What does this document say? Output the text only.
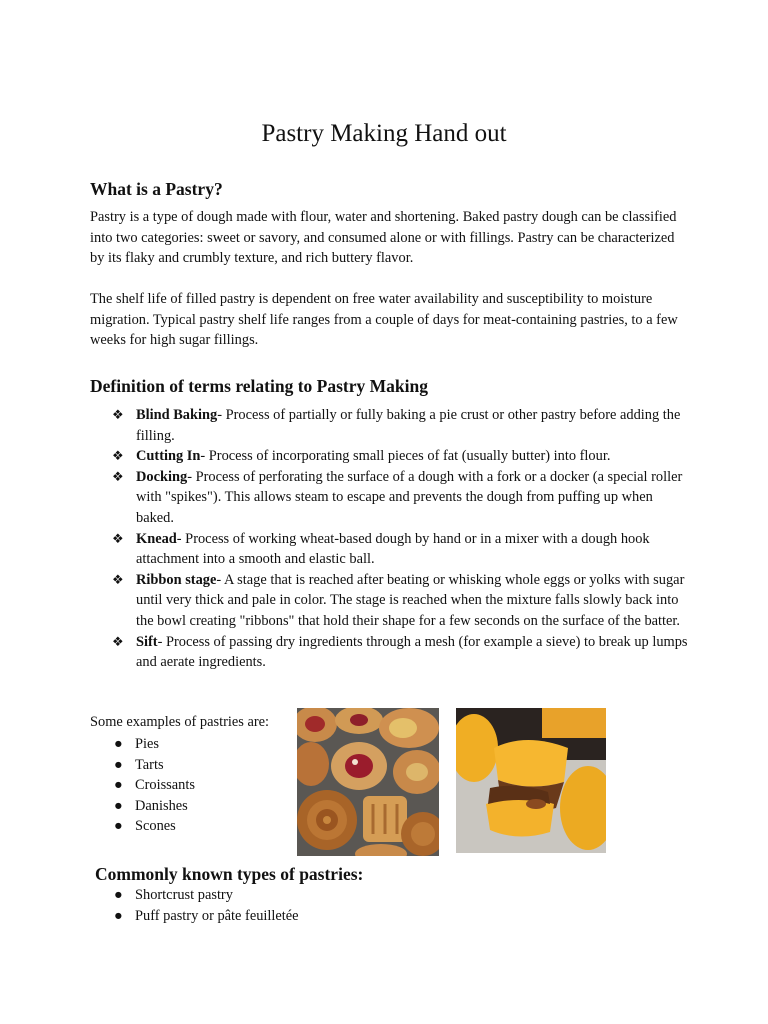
Pastry Making Hand out
What is a Pastry?

Pastry is a type of dough made with flour, water and shortening. Baked pastry dough can be classified into two categories: sweet or savory, and consumed alone or with fillings. Pastry can be characterized by its flaky and crumbly texture, and rich buttery flavor.

The shelf life of filled pastry is dependent on free water availability and susceptibility to moisture migration. Typical pastry shelf life ranges from a couple of days for meat-containing pastries, to a few weeks for high sugar fillings.

Definition of terms relating to Pastry Making
❖ Blind Baking- Process of partially or fully baking a pie crust or other pastry before adding the filling.
❖ Cutting In- Process of incorporating small pieces of fat (usually butter) into flour.
❖ Docking- Process of perforating the surface of a dough with a fork or a docker (a special roller with "spikes"). This allows steam to escape and prevents the dough from puffing up when baked.
❖ Knead- Process of working wheat-based dough by hand or in a mixer with a dough hook attachment into a smooth and elastic ball.
❖ Ribbon stage- A stage that is reached after beating or whisking whole eggs or yolks with sugar until very thick and pale in color. The stage is reached when the mixture falls slowly back into the bowl creating "ribbons" that hold their shape for a few seconds on the surface of the batter.
❖ Sift- Process of passing dry ingredients through a mesh (for example a sieve) to break up lumps and aerate ingredients.
Some examples of pastries are:
● Pies
● Tarts
● Croissants
● Danishes
● Scones
Commonly known types of pastries:
● Shortcrust pastry
● Puff pastry or pâte feuilletée
